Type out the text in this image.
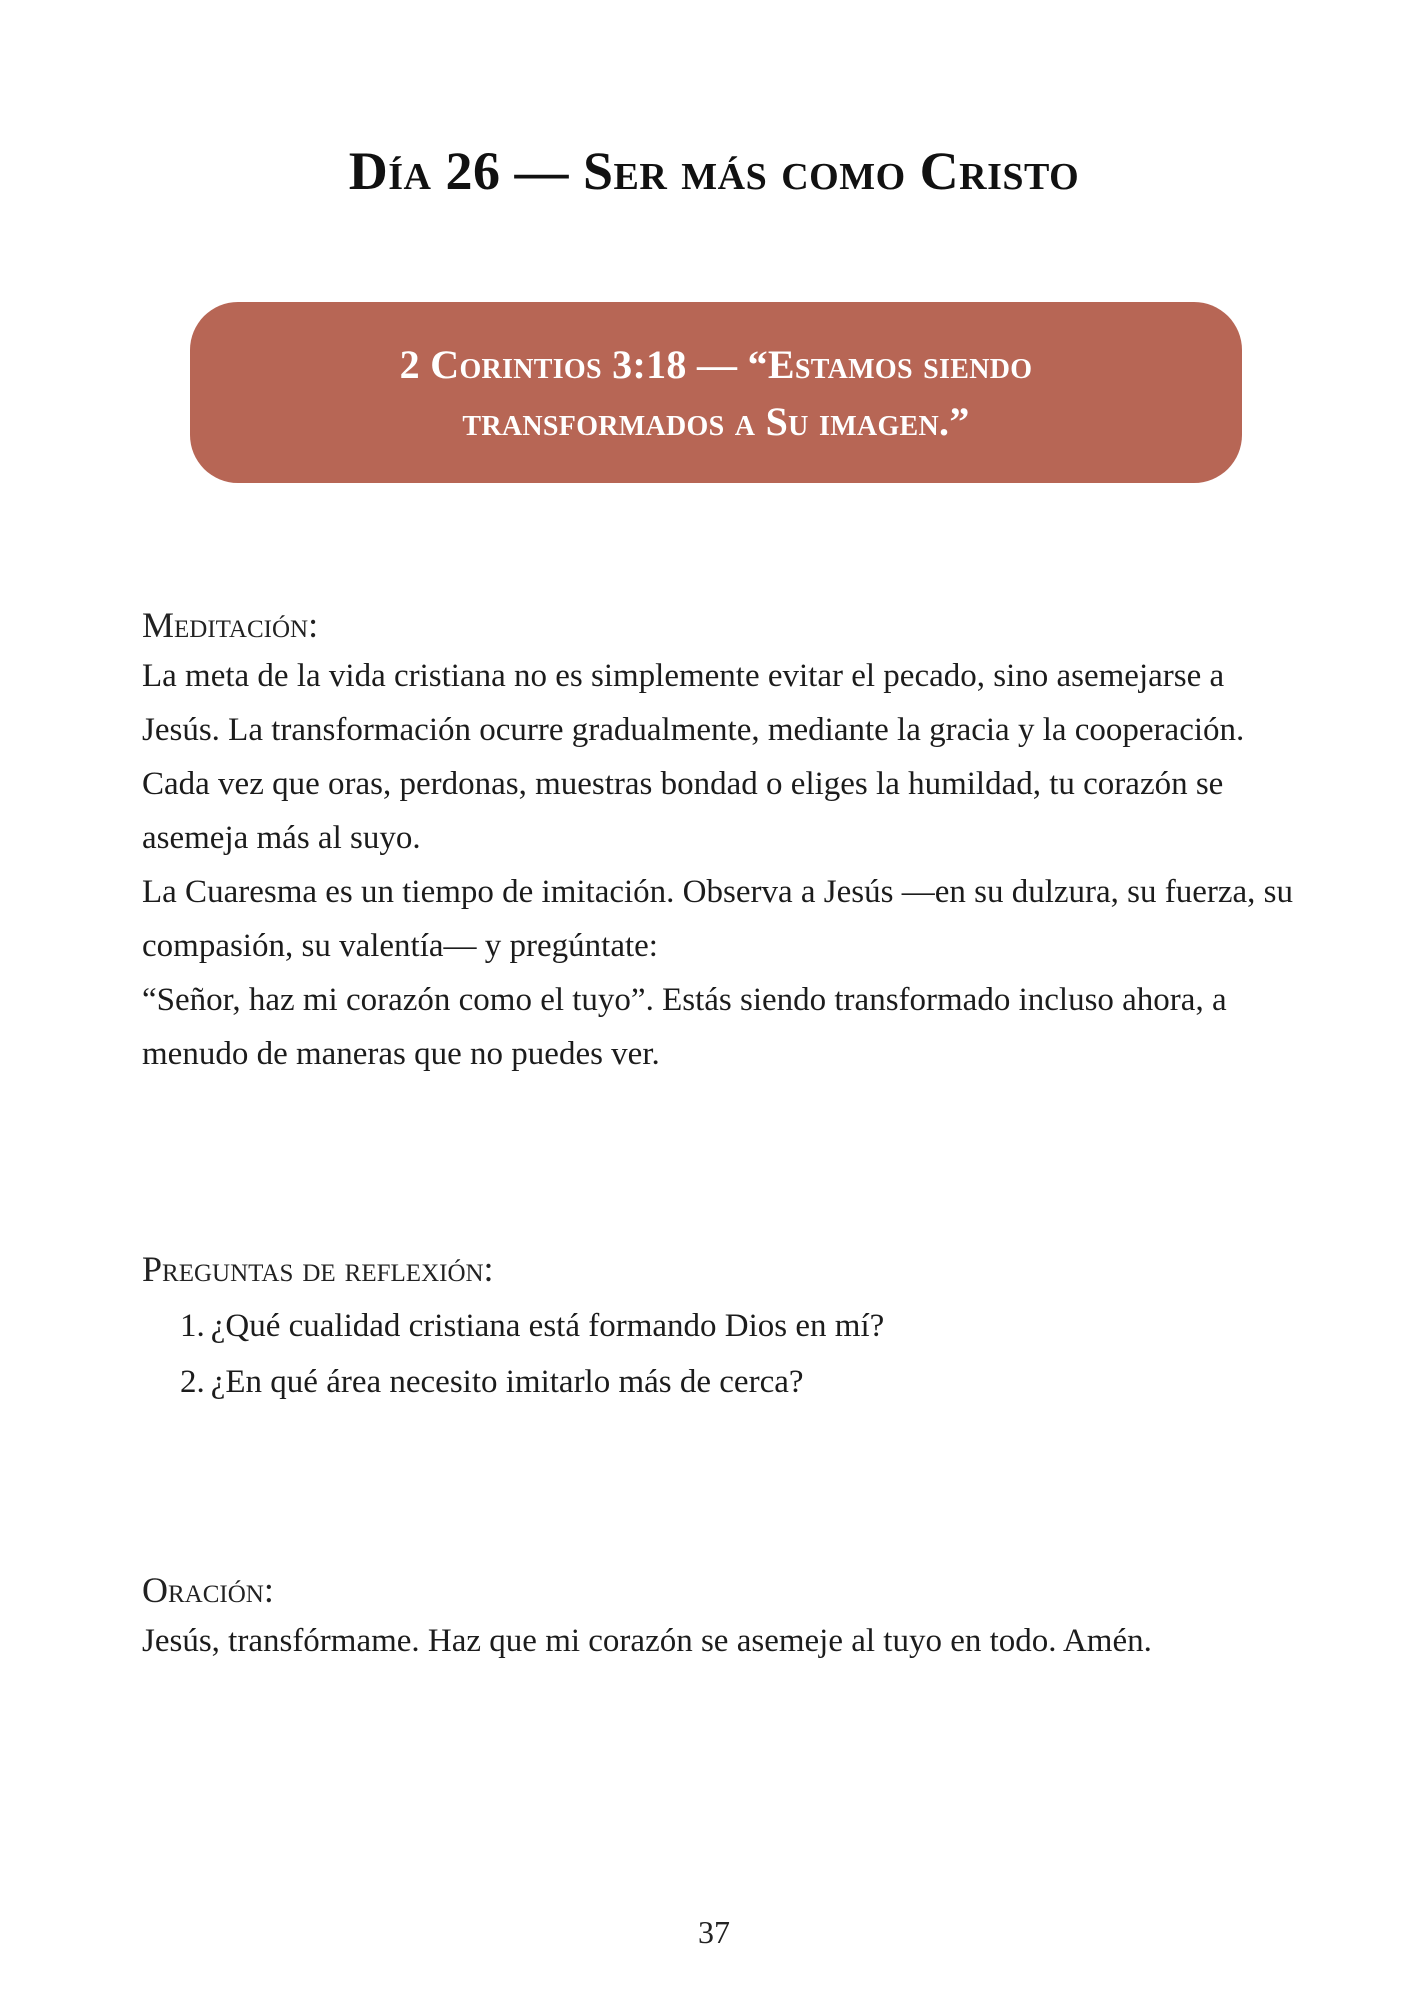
Día 26 — Ser más como Cristo
2 Corintios 3:18 — “Estamos siendo transformados a Su imagen.”
Meditación:

La meta de la vida cristiana no es simplemente evitar el pecado, sino asemejarse a Jesús. La transformación ocurre gradualmente, mediante la gracia y la cooperación. Cada vez que oras, perdonas, muestras bondad o eliges la humildad, tu corazón se asemeja más al suyo.

La Cuaresma es un tiempo de imitación. Observa a Jesús —en su dulzura, su fuerza, su compasión, su valentía— y pregúntate:

“Señor, haz mi corazón como el tuyo”. Estás siendo transformado incluso ahora, a menudo de maneras que no puedes ver.

Preguntas de reflexión:
1. ¿Qué cualidad cristiana está formando Dios en mí?
2. ¿En qué área necesito imitarlo más de cerca?
Oración:

Jesús, transfórmame. Haz que mi corazón se asemeje al tuyo en todo. Amén.

37
